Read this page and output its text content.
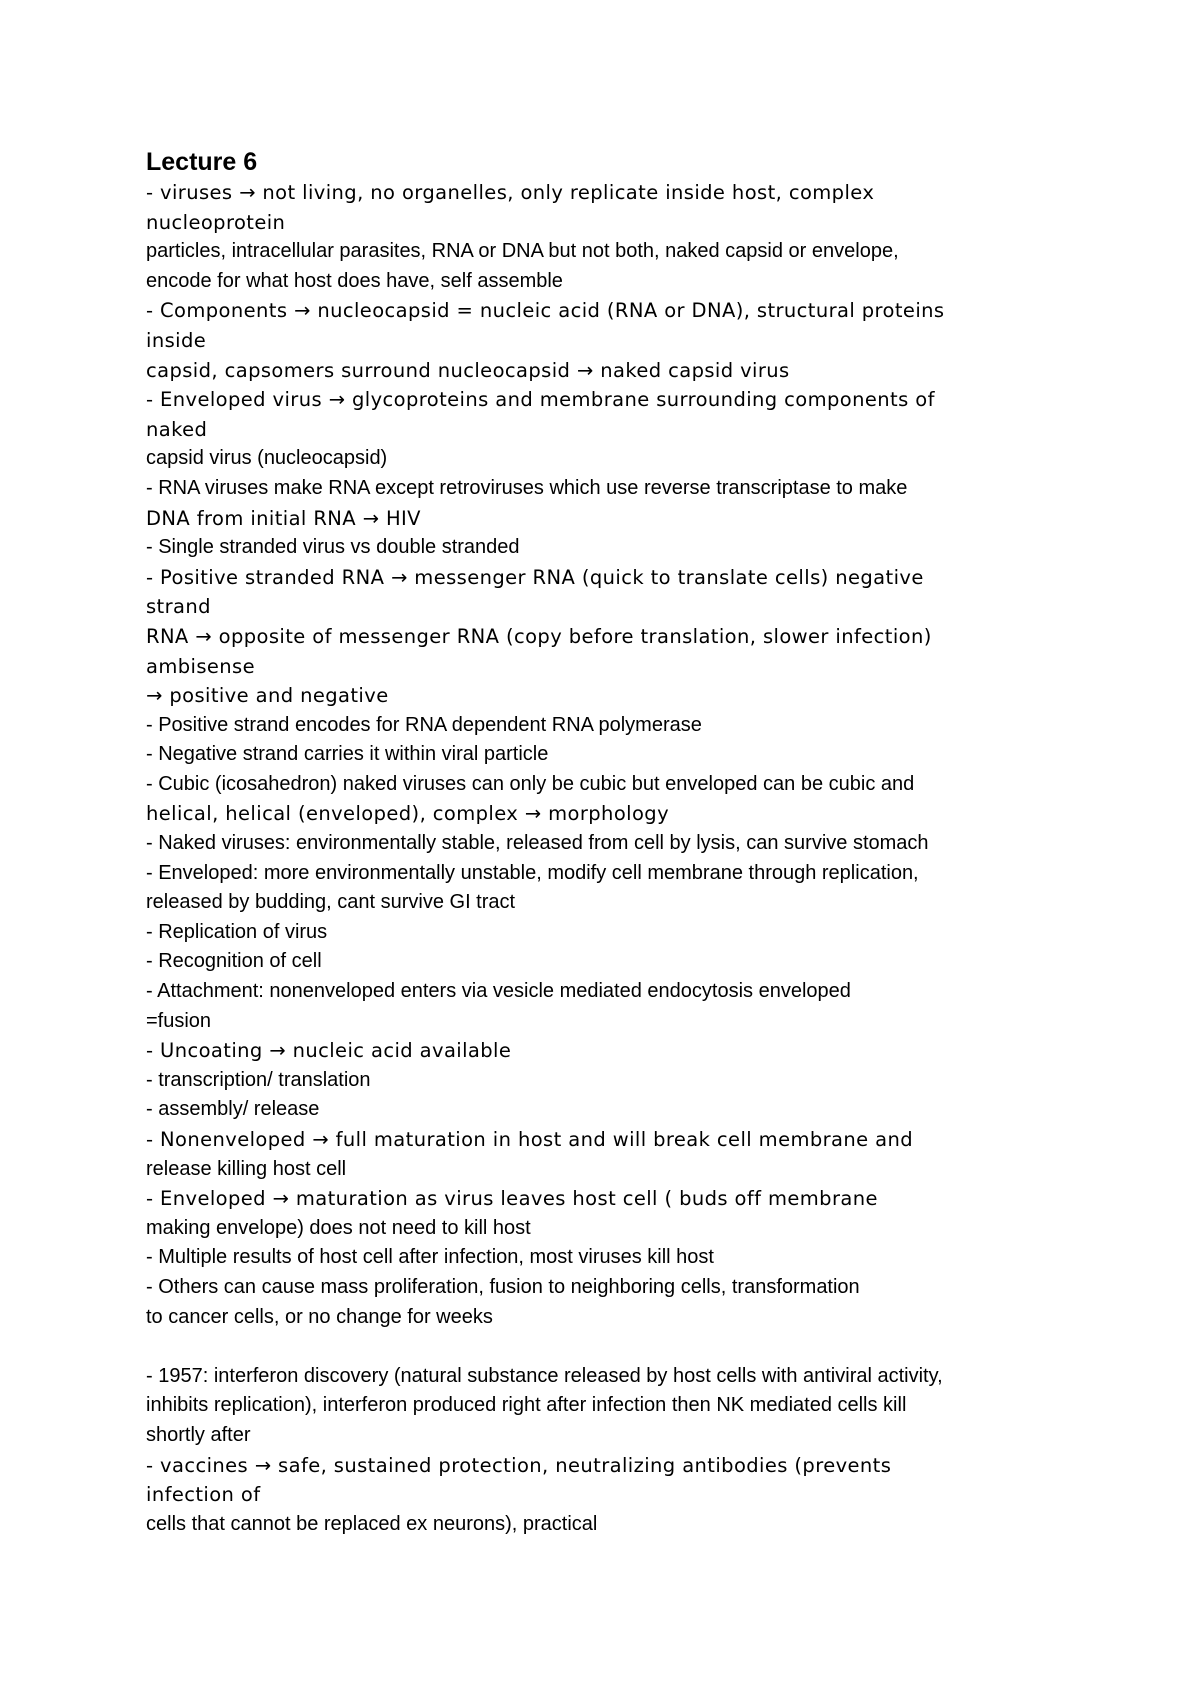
Lecture 6
- viruses → not living, no organelles, only replicate inside host, complex
nucleoprotein
particles, intracellular parasites, RNA or DNA but not both, naked capsid or envelope,
encode for what host does have, self assemble
- Components → nucleocapsid = nucleic acid (RNA or DNA), structural proteins
inside
capsid, capsomers surround nucleocapsid → naked capsid virus
- Enveloped virus → glycoproteins and membrane surrounding components of
naked
capsid virus (nucleocapsid)
- RNA viruses make RNA except retroviruses which use reverse transcriptase to make
DNA from initial RNA → HIV
- Single stranded virus vs double stranded
- Positive stranded RNA → messenger RNA (quick to translate cells) negative
strand
RNA → opposite of messenger RNA (copy before translation, slower infection)
ambisense
→ positive and negative
- Positive strand encodes for RNA dependent RNA polymerase
- Negative strand carries it within viral particle
- Cubic (icosahedron) naked viruses can only be cubic but enveloped can be cubic and
helical, helical (enveloped), complex → morphology
- Naked viruses: environmentally stable, released from cell by lysis, can survive stomach
- Enveloped: more environmentally unstable, modify cell membrane through replication,
released by budding, cant survive GI tract
- Replication of virus
- Recognition of cell
- Attachment: nonenveloped enters via vesicle mediated endocytosis enveloped
=fusion
- Uncoating → nucleic acid available
- transcription/ translation
- assembly/ release
- Nonenveloped → full maturation in host and will break cell membrane and
release killing host cell
- Enveloped → maturation as virus leaves host cell ( buds off membrane
making envelope) does not need to kill host
- Multiple results of host cell after infection, most viruses kill host
- Others can cause mass proliferation, fusion to neighboring cells, transformation
to cancer cells, or no change for weeks
- 1957: interferon discovery (natural substance released by host cells with antiviral activity,
inhibits replication), interferon produced right after infection then NK mediated cells kill
shortly after
- vaccines → safe, sustained protection, neutralizing antibodies (prevents
infection of
cells that cannot be replaced ex neurons), practical
